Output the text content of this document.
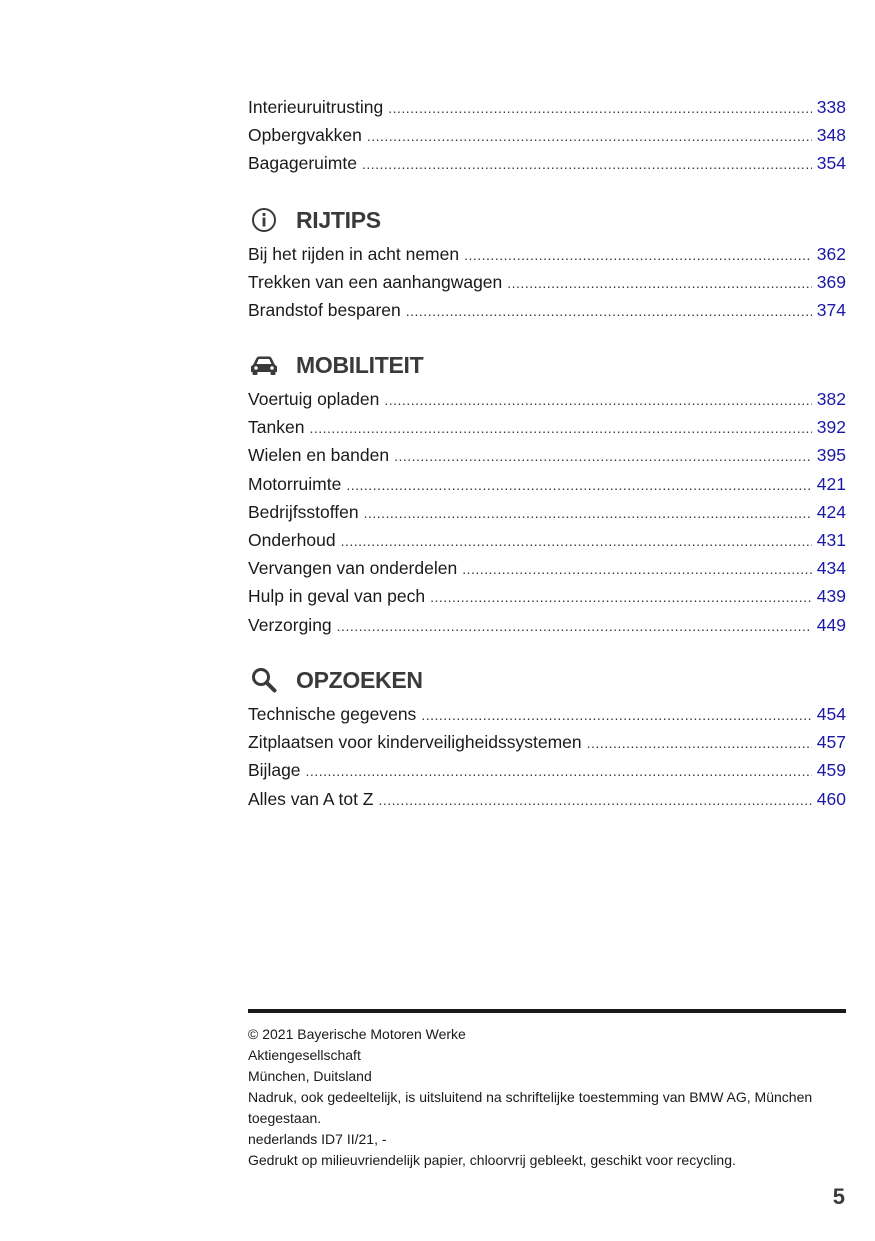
Interieuruitrusting .....	338
Opbergvakken .....	348
Bagageruimte .....	354
RIJTIPS
Bij het rijden in acht nemen .....	362
Trekken van een aanhangwagen .....	369
Brandstof besparen .....	374
MOBILITEIT
Voertuig opladen .....	382
Tanken .....	392
Wielen en banden .....	395
Motorruimte .....	421
Bedrijfsstoffen .....	424
Onderhoud .....	431
Vervangen van onderdelen .....	434
Hulp in geval van pech .....	439
Verzorging .....	449
OPZOEKEN
Technische gegevens .....	454
Zitplaatsen voor kinderveiligheidssystemen .....	457
Bijlage .....	459
Alles van A tot Z .....	460
© 2021 Bayerische Motoren Werke
Aktiengesellschaft
München, Duitsland
Nadruk, ook gedeeltelijk, is uitsluitend na schriftelijke toestemming van BMW AG, München
toegestaan.
nederlands ID7 II/21, -
Gedrukt op milieuvriendelijk papier, chloorvrij gebleekt, geschikt voor recycling.
5
